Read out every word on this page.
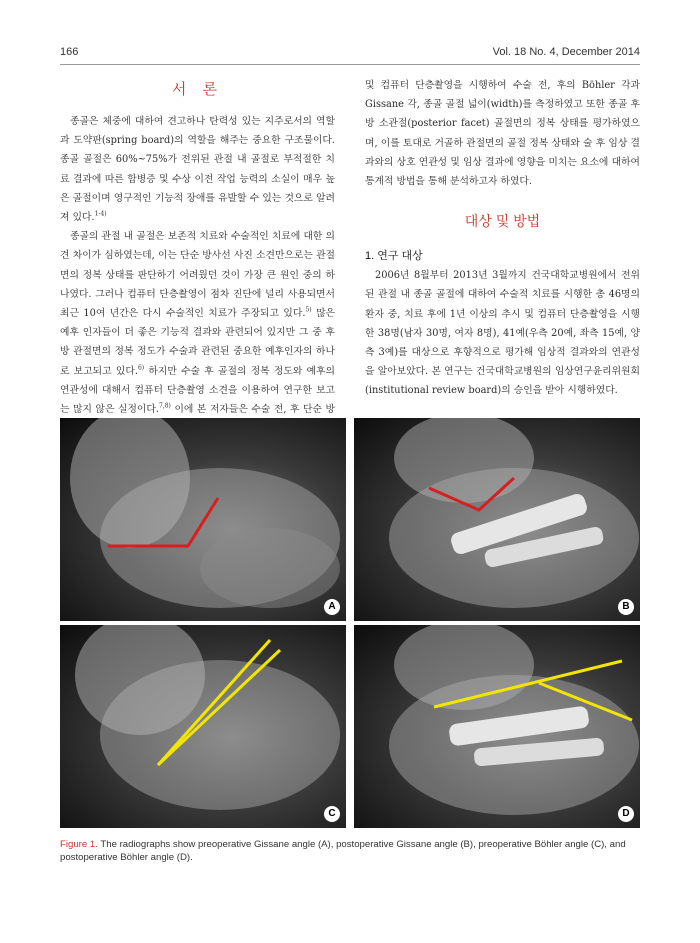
166	Vol. 18 No. 4, December 2014
서 론

종골은 체중에 대하여 견고하나 탄력성 있는 지주로서의 역할과 도약판(spring board)의 역할을 해주는 중요한 구조물이다. 종골 골절은 60%~75%가 전위된 관절 내 골절로 부적절한 치료 결과에 따른 합병증 및 수상 이전 작업 능력의 소실이 매우 높은 골절이며 영구적인 기능적 장애를 유발할 수 있는 것으로 알려져 있다.$^{1-4)}$

종골의 관절 내 골절은 보존적 치료와 수술적인 치료에 대한 의견 차이가 심하였는데, 이는 단순 방사선 사진 소견만으로는 관절면의 정복 상태를 판단하기 어려웠던 것이 가장 큰 원인 중의 하나였다. 그러나 컴퓨터 단층촬영이 점차 진단에 널리 사용되면서 최근 10여 년간은 다시 수술적인 치료가 주장되고 있다.$^{5)}$ 많은 예후 인자들이 더 좋은 기능적 결과와 관련되어 있지만 그 중 후방 관절면의 정복 정도가 수술과 관련된 중요한 예후인자의 하나로 보고되고 있다.$^{6)}$ 하지만 수술 후 골절의 정복 정도와 예후의 연관성에 대해서 컴퓨터 단층촬영 소견을 이용하여 연구한 보고는 많지 않은 실정이다.$^{7,8)}$ 이에 본 저자들은 수술 전, 후 단순 방

및 컴퓨터 단층촬영을 시행하여 수술 전, 후의 Böhler 각과 Gissane 각, 종골 골절 넓이(width)를 측정하였고 또한 종골 후방 소관절(posterior facet) 골절면의 정복 상태를 평가하였으며, 이를 토대로 거골하 관절면의 골절 정복 상태와 술 후 임상 결과와의 상호 연관성 및 임상 결과에 영향을 미치는 요소에 대하여 통계적 방법을 통해 분석하고자 하였다.

대상 및 방법
1. 연구 대상

2006년 8월부터 2013년 3월까지 건국대학교병원에서 전위된 관절 내 종골 골절에 대하여 수술적 치료를 시행한 총 46명의 환자 중, 치료 후에 1년 이상의 추시 및 컴퓨터 단층촬영을 시행한 38명(남자 30명, 여자 8명), 41예(우측 20예, 좌측 15예, 양측 3예)를 대상으로 후향적으로 평가해 임상적 결과와의 연관성을 알아보았다. 본 연구는 건국대학교병원의 임상연구윤리위원회(institutional review board)의 승인을 받아 시행하였다.

A	B
C	D
Figure 1. The radiographs show preoperative Gissane angle (A), postoperative Gissane angle (B), preoperative Böhler angle (C), and postoperative Böhler angle (D).
